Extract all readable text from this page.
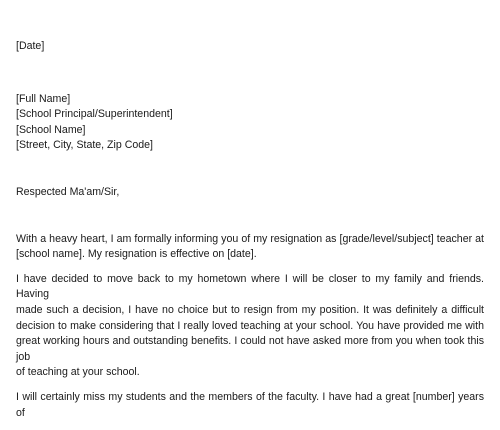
[Date]
[Full Name]
[School Principal/Superintendent]
[School Name]
[Street, City, State, Zip Code]
Respected Ma'am/Sir,

With a heavy heart, I am formally informing you of my resignation as [grade/level/subject] teacher at
[school name]. My resignation is effective on [date].

I have decided to move back to my hometown where I will be closer to my family and friends. Having
made such a decision, I have no choice but to resign from my position. It was definitely a difficult
decision to make considering that I really loved teaching at your school. You have provided me with
great working hours and outstanding benefits. I could not have asked more from you when took this job
of teaching at your school.

I will certainly miss my students and the members of the faculty. I have had a great [number] years of
